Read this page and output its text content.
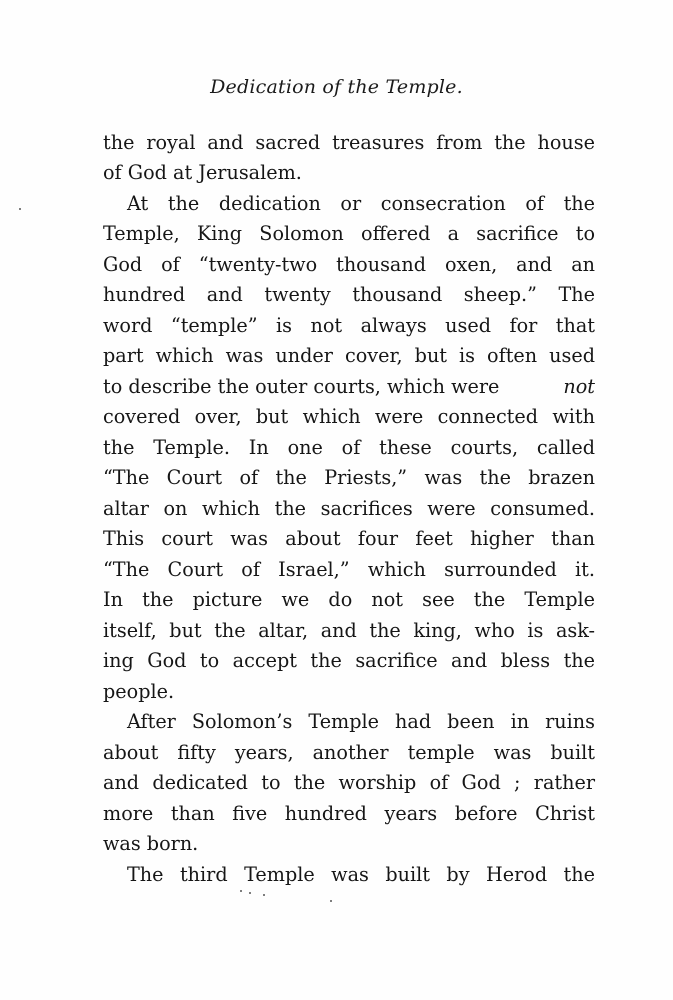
Dedication of the Temple.
the royal and sacred treasures from the house
of God at Jerusalem.
At the dedication or consecration of the
Temple, King Solomon offered a sacrifice to
God of “twenty-two thousand oxen, and an
hundred and twenty thousand sheep.” The
word “temple” is not always used for that
part which was under cover, but is often used
to describe the outer courts, which were	not
covered over, but which were connected with
the Temple. In one of these courts, called
“The Court of the Priests,” was the brazen
altar on which the sacrifices were consumed.
This court was about four feet higher than
“The Court of Israel,” which surrounded it.
In the picture we do not see the Temple
itself, but the altar, and the king, who is ask-
ing God to accept the sacrifice and bless the
people.
After Solomon’s Temple had been in ruins
about fifty years, another temple was built
and dedicated to the worship of God ; rather
more than five hundred years before Christ
was born.
The third Temple was built by Herod the
